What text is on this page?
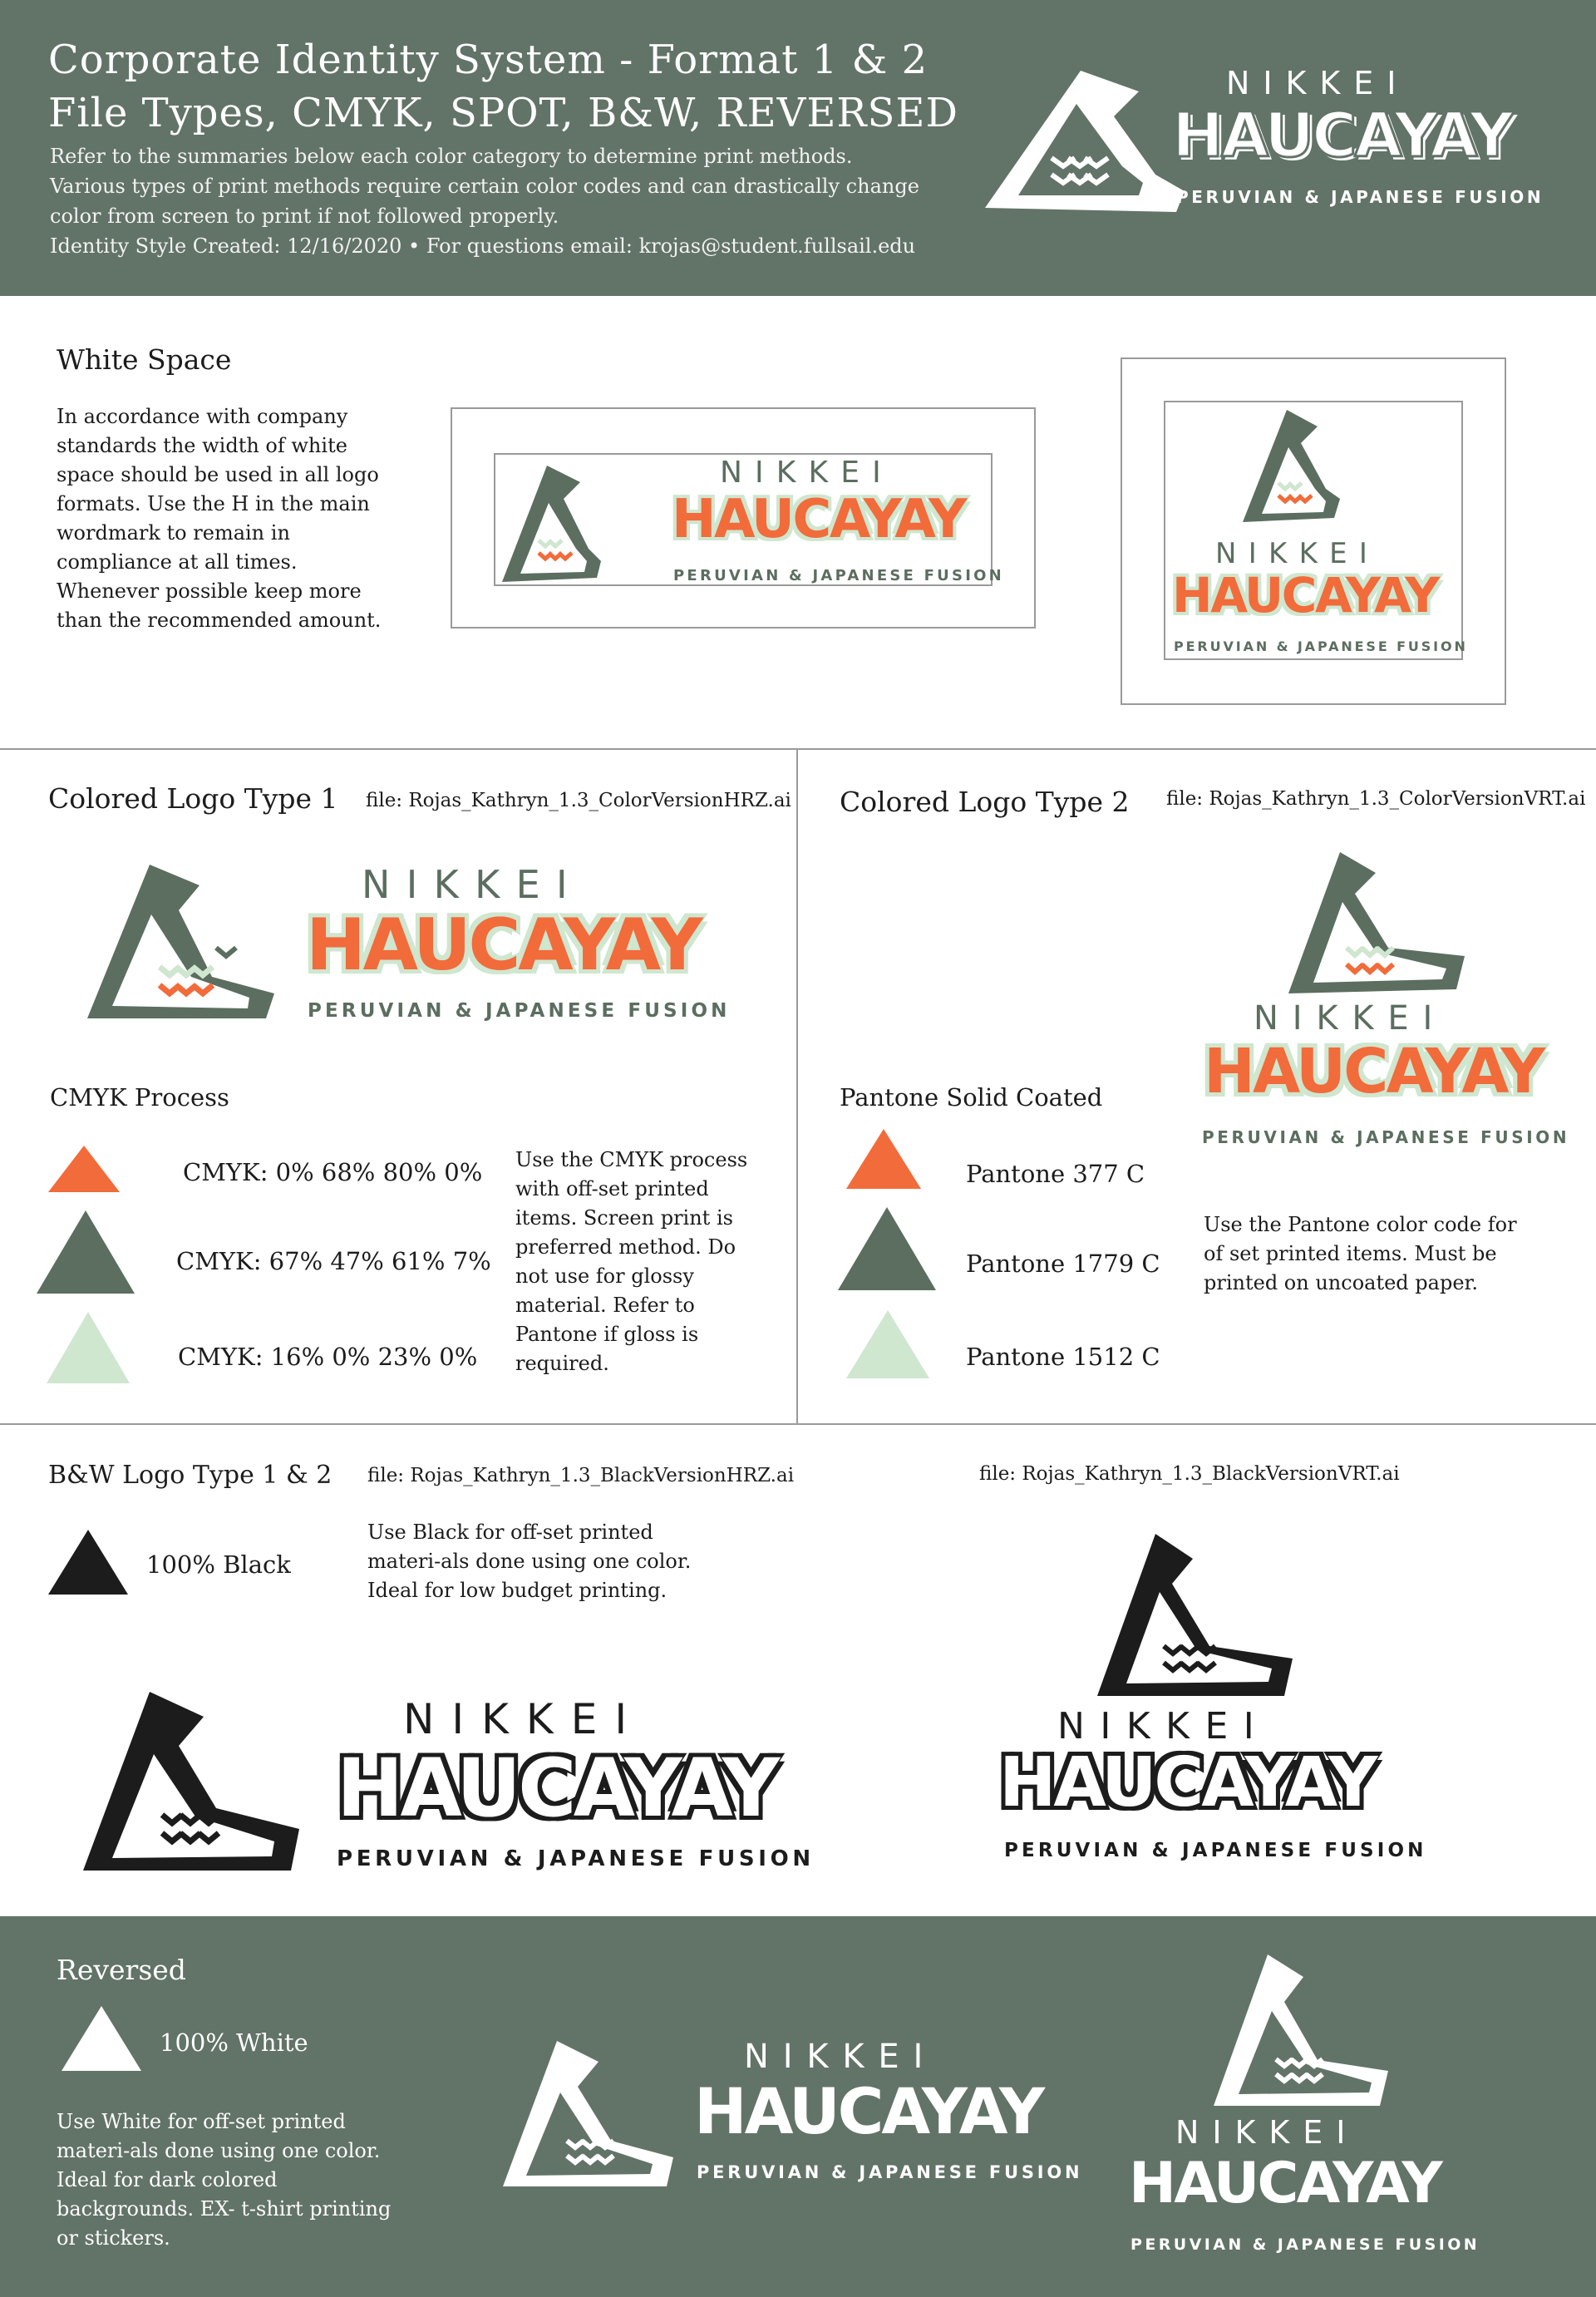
Corporate Identity System - Format 1 & 2
File Types, CMYK, SPOT, B&W, REVERSED
Refer to the summaries below each color category to determine print methods.
Various types of print methods require certain color codes and can drastically change
color from screen to print if not followed properly.
Identity Style Created: 12/16/2020 • For questions email: krojas@student.fullsail.edu
NIKKEI
HAUCAYAY
PERUVIAN & JAPANESE FUSION
White Space
In accordance with company standards the width of white space should be used in all logo formats. Use the H in the main wordmark to remain in compliance at all times. Whenever possible keep more than the recommended amount.
NIKKEI
HAUCAYAY
PERUVIAN & JAPANESE FUSION
NIKKEI
HAUCAYAY
PERUVIAN & JAPANESE FUSION
Colored Logo Type 1 file: Rojas_Kathryn_1.3_ColorVersionHRZ.ai
NIKKEI
HAUCAYAY
PERUVIAN & JAPANESE FUSION
CMYK Process
CMYK: 0% 68% 80% 0%
CMYK: 67% 47% 61% 7%
CMYK: 16% 0% 23% 0%
Use the CMYK process with off-set printed items. Screen print is preferred method. Do not use for glossy material. Refer to Pantone if gloss is required.
Colored Logo Type 2 file: Rojas_Kathryn_1.3_ColorVersionVRT.ai
NIKKEI
HAUCAYAY
PERUVIAN & JAPANESE FUSION
Pantone Solid Coated
Pantone 377 C
Pantone 1779 C
Pantone 1512 C
Use the Pantone color code for of set printed items. Must be printed on uncoated paper.
B&W Logo Type 1 & 2 file: Rojas_Kathryn_1.3_BlackVersionHRZ.ai	file: Rojas_Kathryn_1.3_BlackVersionVRT.ai
100% Black
Use Black for off-set printed materi-als done using one color. Ideal for low budget printing.
NIKKEI
HAUCAYAY
PERUVIAN & JAPANESE FUSION
NIKKEI
HAUCAYAY
PERUVIAN & JAPANESE FUSION
Reversed
100% White
Use White for off-set printed materi-als done using one color. Ideal for dark colored backgrounds. EX- t-shirt printing or stickers.
NIKKEI
HAUCAYAY
PERUVIAN & JAPANESE FUSION
NIKKEI
HAUCAYAY
PERUVIAN & JAPANESE FUSION
